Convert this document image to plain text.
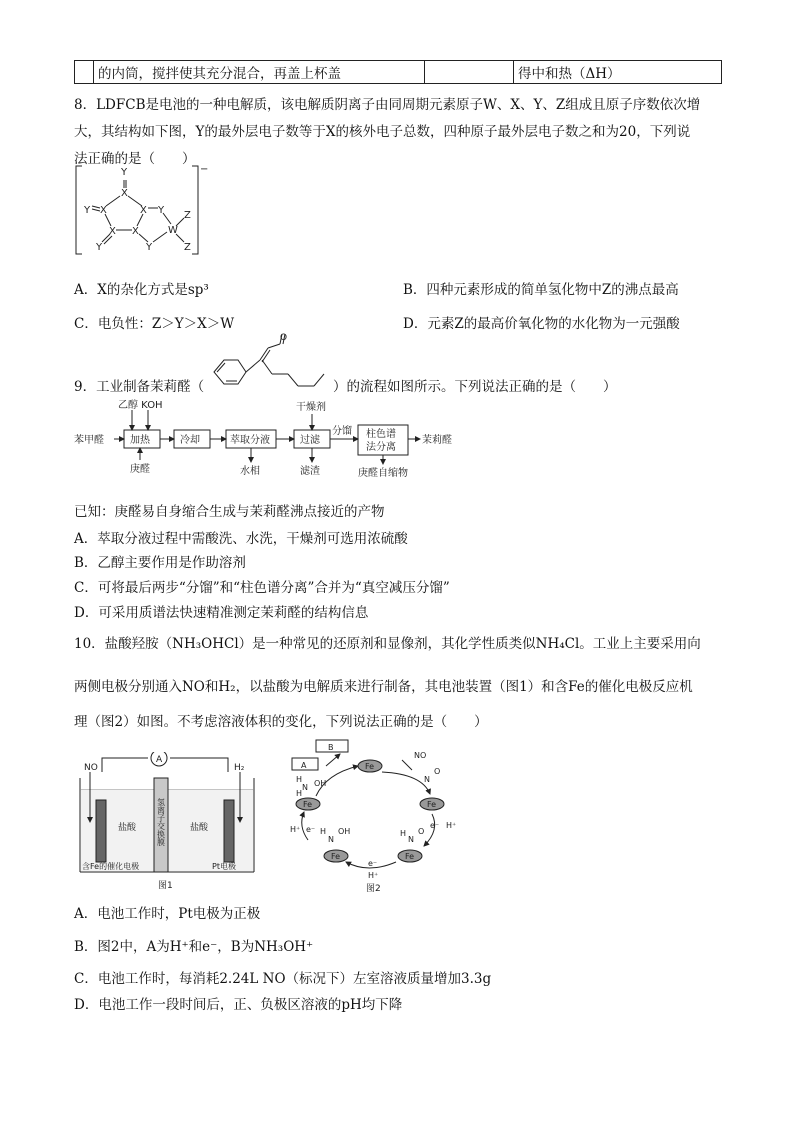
	的内筒，搅拌使其充分混合，再盖上杯盖		得中和热（ΔH）
8．LDFCB是电池的一种电解质，该电解质阴离子由同周期元素原子W、X、Y、Z组成且原子序数依次增
大，其结构如下图，Y的最外层电子数等于X的核外电子总数，四种原子最外层电子数之和为20，下列说
法正确的是（　　）
Y
X
Y X	X Y
X X
Y
W
Z
Z
Y
−
A．X的杂化方式是sp³	B．四种元素形成的简单氢化物中Z的沸点最高
C．电负性：Z＞Y＞X＞W	D．元素Z的最高价氧化物的水化物为一元强酸
9．工业制备茉莉醛（
O
）的流程如图所示。下列说法正确的是（　　）
苯甲醛
乙醇 KOH
加热
庚醛
冷却	萃取分液
水相
干燥剂
过滤
滤渣
分馏 柱色谱
法分离
庚醛自缩物
茉莉醛
已知：庚醛易自身缩合生成与茉莉醛沸点接近的产物
A．萃取分液过程中需酸洗、水洗，干燥剂可选用浓硫酸
B．乙醇主要作用是作助溶剂
C．可将最后两步“分馏”和“柱色谱分离”合并为“真空减压分馏”
D．可采用质谱法快速精准测定茉莉醛的结构信息
10．盐酸羟胺（NH₃OHCl）是一种常见的还原剂和显像剂，其化学性质类似NH₄Cl。工业上主要采用向
两侧电极分别通入NO和H₂，以盐酸为电解质来进行制备，其电池装置（图1）和含Fe的催化电极反应机
理（图2）如图。不考虑溶液体积的变化，下列说法正确的是（　　）
NO	H₂
A
盐酸	盐酸
含Fe的催化电极	Pt电极
图1
氢离子交换膜
B
A	Fe
Fe
Fe
Fe
Fe
NO
H⁺ e⁻	H⁺
e⁻
e⁻
H⁺
图2
H
N OH
H
N
O
H
N
O
H
N
OH
A．电池工作时，Pt电极为正极
B．图2中，A为H⁺和e⁻，B为NH₃OH⁺
C．电池工作时，每消耗2.24L NO（标况下）左室溶液质量增加3.3g
D．电池工作一段时间后，正、负极区溶液的pH均下降
